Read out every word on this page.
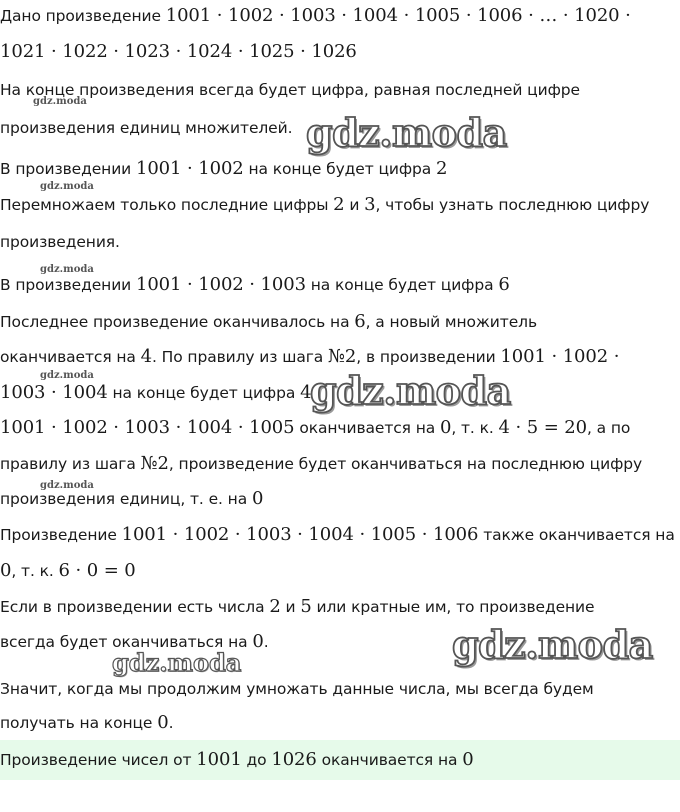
Дано произведение 1001 · 1002 · 1003 · 1004 · 1005 · 1006 · … · 1020 ·
1021 · 1022 · 1023 · 1024 · 1025 · 1026
На конце произведения всегда будет цифра, равная последней цифре
произведения единиц множителей.
В произведении 1001 · 1002 на конце будет цифра 2
Перемножаем только последние цифры 2 и 3, чтобы узнать последнюю цифру
произведения.
В произведении 1001 · 1002 · 1003 на конце будет цифра 6
Последнее произведение оканчивалось на 6, а новый множитель
оканчивается на 4. По правилу из шага №2, в произведении 1001 · 1002 ·
1003 · 1004 на конце будет цифра 4
1001 · 1002 · 1003 · 1004 · 1005 оканчивается на 0, т. к. 4 · 5 = 20, а по
правилу из шага №2, произведение будет оканчиваться на последнюю цифру
произведения единиц, т. е. на 0
Произведение 1001 · 1002 · 1003 · 1004 · 1005 · 1006 также оканчивается на
0, т. к. 6 · 0 = 0
Если в произведении есть числа 2 и 5 или кратные им, то произведение
всегда будет оканчиваться на 0.
Значит, когда мы продолжим умножать данные числа, мы всегда будем
получать на конце 0.
Произведение чисел от 1001 до 1026 оканчивается на 0
gdz.moda
gdz.moda
gdz.moda
gdz.moda
gdz.moda	gdz.moda
gdz.moda
gdz.moda
gdz.moda
